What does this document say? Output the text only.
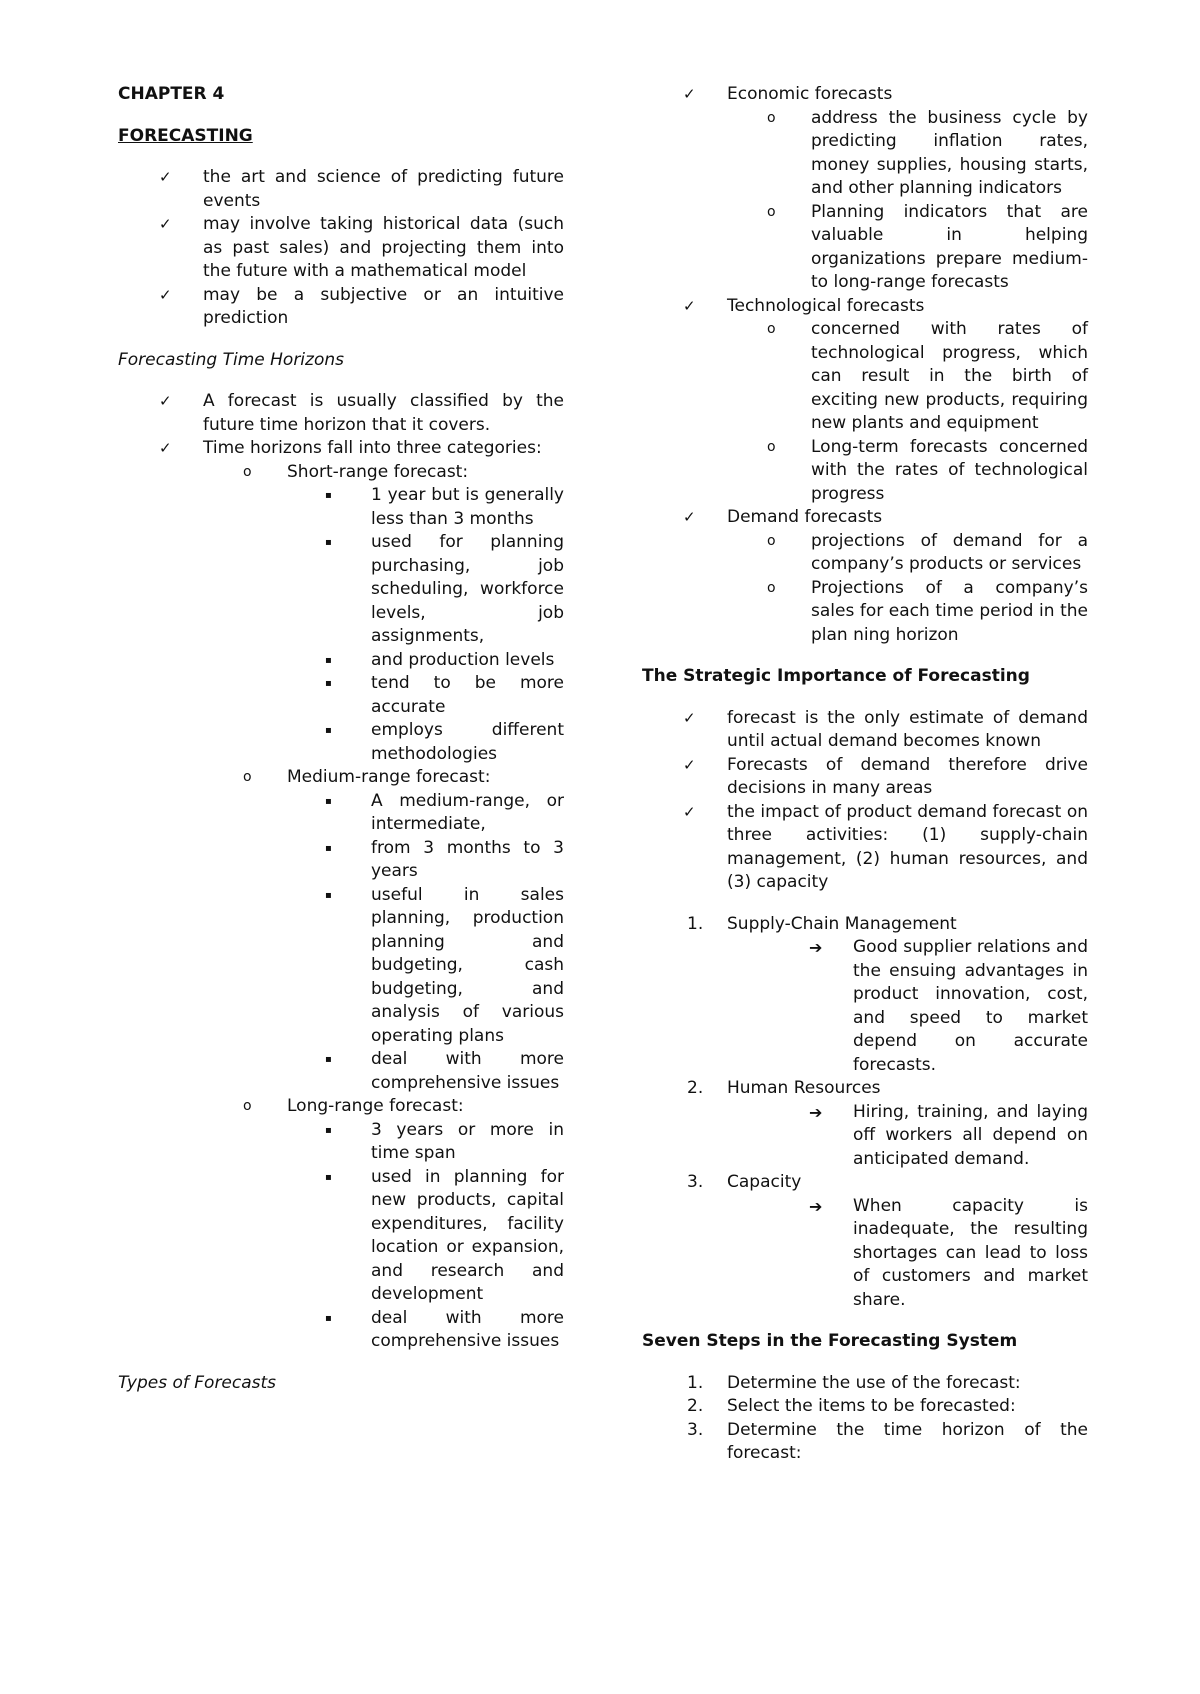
CHAPTER 4

FORECASTING

✓ the art and science of predicting future events
✓ may involve taking historical data (such as past sales) and projecting them into the future with a mathematical model
✓ may be a subjective or an intuitive prediction

Forecasting Time Horizons

✓ A forecast is usually classified by the future time horizon that it covers.
✓ Time horizons fall into three categories:
o Short-range forecast:
▪ 1 year but is generally less than 3 months
▪ used for planning purchasing, job scheduling, workforce levels, job assignments,
▪ and production levels
▪ tend to be more accurate
▪ employs different methodologies
o Medium-range forecast:
▪ A medium-range, or intermediate,
▪ from 3 months to 3 years
▪ useful in sales planning, production planning and budgeting, cash budgeting, and analysis of various operating plans
▪ deal with more comprehensive issues
o Long-range forecast:
▪ 3 years or more in time span
▪ used in planning for new products, capital expenditures, facility location or expansion, and research and development
▪ deal with more comprehensive issues

Types of Forecasts

✓ Economic forecasts
o address the business cycle by predicting inflation rates, money supplies, housing starts, and other planning indicators
o Planning indicators that are valuable in helping organizations prepare medium- to long-range forecasts
✓ Technological forecasts
o concerned with rates of technological progress, which can result in the birth of exciting new products, requiring new plants and equipment
o Long-term forecasts concerned with the rates of technological progress
✓ Demand forecasts
o projections of demand for a company’s products or services
o Projections of a company’s sales for each time period in the plan ning horizon

The Strategic Importance of Forecasting

✓ forecast is the only estimate of demand until actual demand becomes known
✓ Forecasts of demand therefore drive decisions in many areas
✓ the impact of product demand forecast on three activities: (1) supply-chain management, (2) human resources, and (3) capacity
1. Supply-Chain Management
➔ Good supplier relations and the ensuing advantages in product innovation, cost, and speed to market depend on accurate forecasts.
2. Human Resources
➔ Hiring, training, and laying off workers all depend on anticipated demand.
3. Capacity
➔ When capacity is inadequate, the resulting shortages can lead to loss of customers and market share.

Seven Steps in the Forecasting System

1. Determine the use of the forecast:
2. Select the items to be forecasted:
3. Determine the time horizon of the forecast:
